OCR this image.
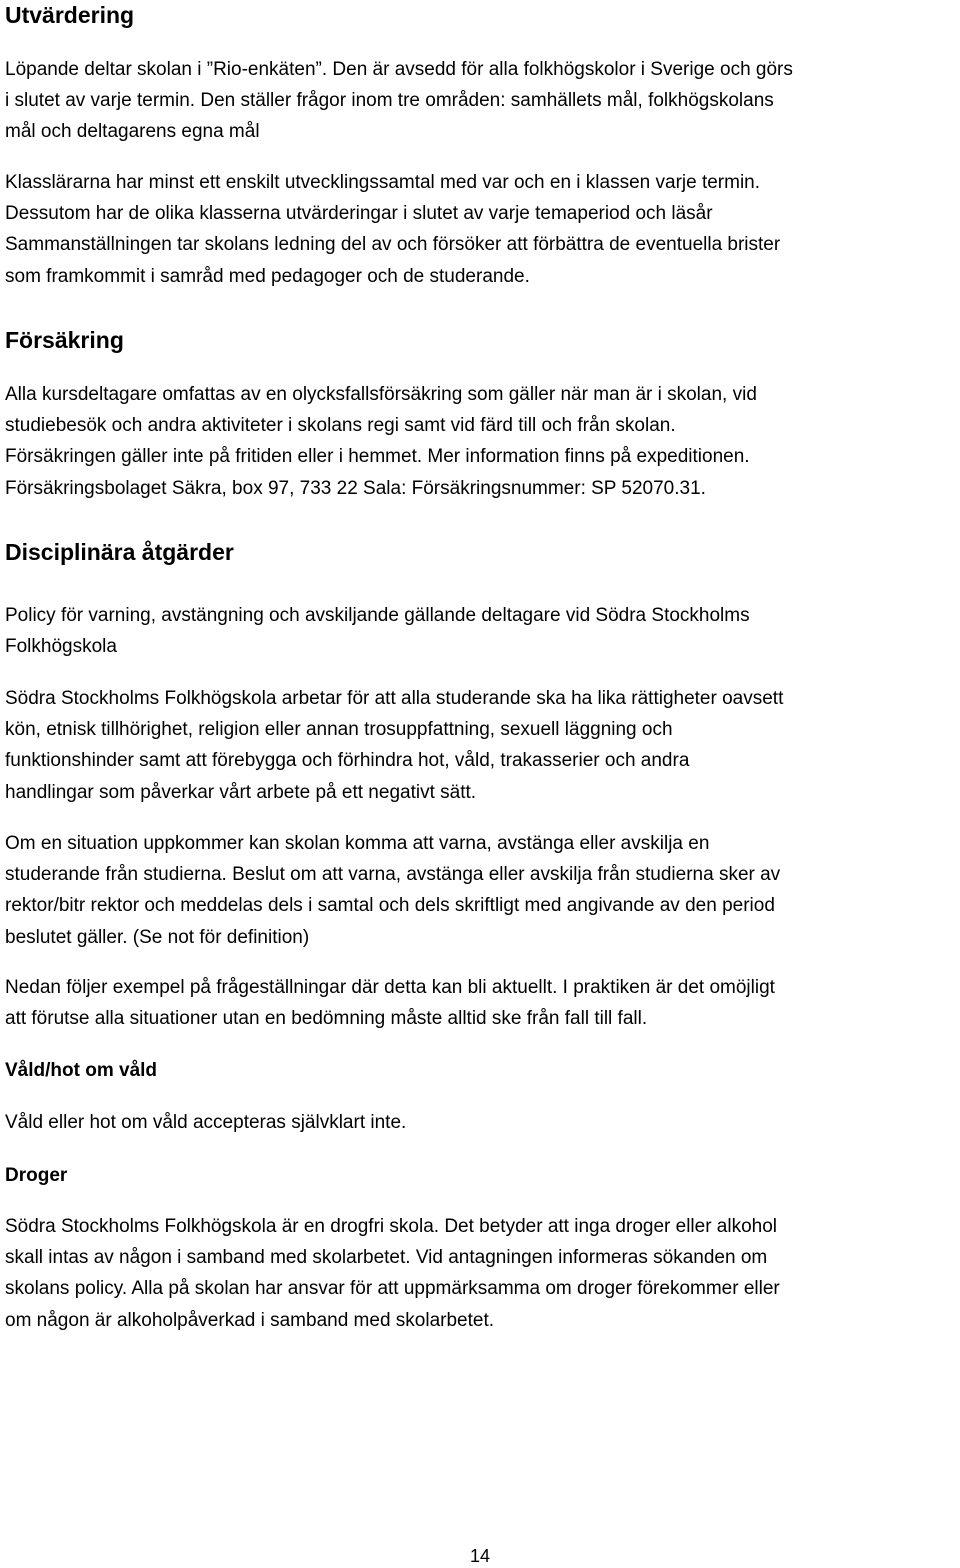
Utvärdering
Löpande deltar skolan i ”Rio-enkäten”. Den är avsedd för alla folkhögskolor i Sverige och görs
i slutet av varje termin. Den ställer frågor inom tre områden: samhällets mål, folkhögskolans
mål och deltagarens egna mål
Klasslärarna har minst ett enskilt utvecklingssamtal med var och en i klassen varje termin.
Dessutom har de olika klasserna utvärderingar i slutet av varje temaperiod och läsår
Sammanställningen tar skolans ledning del av och försöker att förbättra de eventuella brister
som framkommit i samråd med pedagoger och de studerande.
Försäkring
Alla kursdeltagare omfattas av en olycksfallsförsäkring som gäller när man är i skolan, vid
studiebesök och andra aktiviteter i skolans regi samt vid färd till och från skolan.
Försäkringen gäller inte på fritiden eller i hemmet. Mer information finns på expeditionen.
Försäkringsbolaget Säkra, box 97, 733 22 Sala: Försäkringsnummer: SP 52070.31.
Disciplinära åtgärder
Policy för varning, avstängning och avskiljande gällande deltagare vid Södra Stockholms
Folkhögskola
Södra Stockholms Folkhögskola arbetar för att alla studerande ska ha lika rättigheter oavsett
kön, etnisk tillhörighet, religion eller annan trosuppfattning, sexuell läggning och
funktionshinder samt att förebygga och förhindra hot, våld, trakasserier och andra
handlingar som påverkar vårt arbete på ett negativt sätt.
Om en situation uppkommer kan skolan komma att varna, avstänga eller avskilja en
studerande från studierna. Beslut om att varna, avstänga eller avskilja från studierna sker av
rektor/bitr rektor och meddelas dels i samtal och dels skriftligt med angivande av den period
beslutet gäller. (Se not för definition)
Nedan följer exempel på frågeställningar där detta kan bli aktuellt. I praktiken är det omöjligt
att förutse alla situationer utan en bedömning måste alltid ske från fall till fall.
Våld/hot om våld
Våld eller hot om våld accepteras självklart inte.
Droger
Södra Stockholms Folkhögskola är en drogfri skola. Det betyder att inga droger eller alkohol
skall intas av någon i samband med skolarbetet. Vid antagningen informeras sökanden om
skolans policy. Alla på skolan har ansvar för att uppmärksamma om droger förekommer eller
om någon är alkoholpåverkad i samband med skolarbetet.
14
